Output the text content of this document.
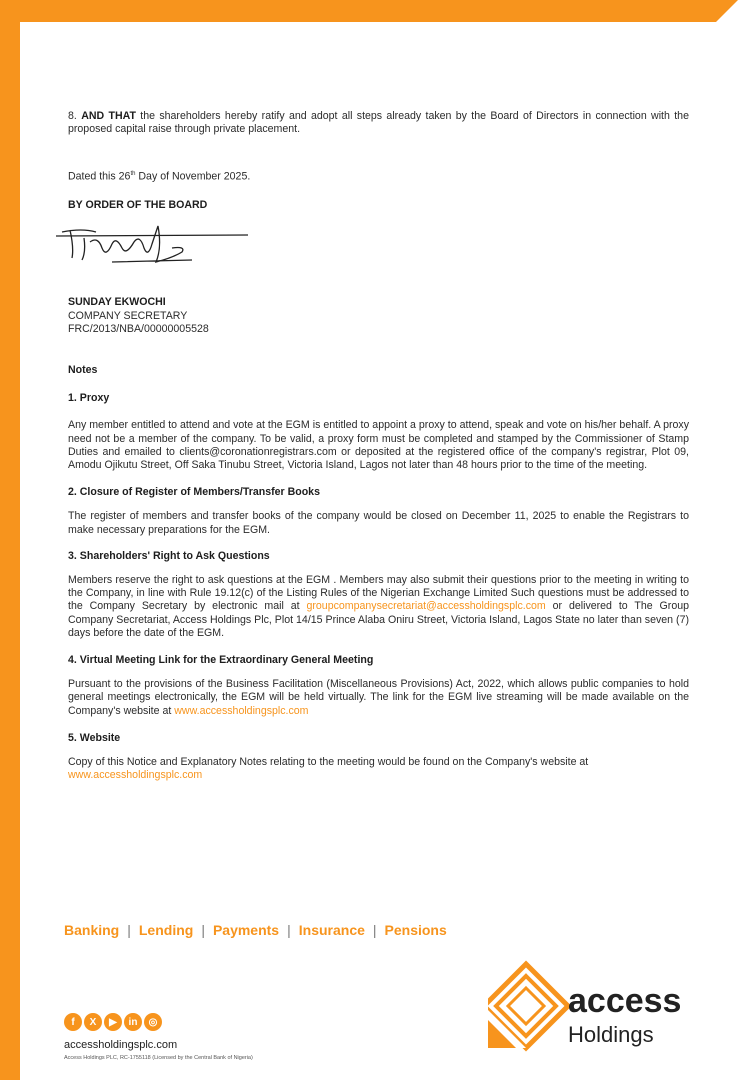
8. AND THAT the shareholders hereby ratify and adopt all steps already taken by the Board of Directors in connection with the proposed capital raise through private placement.

Dated this 26th Day of November 2025.

BY ORDER OF THE BOARD

SUNDAY EKWOCHI

COMPANY SECRETARY

FRC/2013/NBA/00000005528

Notes

1. Proxy

Any member entitled to attend and vote at the EGM is entitled to appoint a proxy to attend, speak and vote on his/her behalf. A proxy need not be a member of the company. To be valid, a proxy form must be completed and stamped by the Commissioner of Stamp Duties and emailed to clients@coronationregistrars.com or deposited at the registered office of the company's registrar, Plot 09, Amodu Ojikutu Street, Off Saka Tinubu Street, Victoria Island, Lagos not later than 48 hours prior to the time of the meeting.

2. Closure of Register of Members/Transfer Books

The register of members and transfer books of the company would be closed on December 11, 2025 to enable the Registrars to make necessary preparations for the EGM.

3. Shareholders' Right to Ask Questions

Members reserve the right to ask questions at the EGM . Members may also submit their questions prior to the meeting in writing to the Company, in line with Rule 19.12(c) of the Listing Rules of the Nigerian Exchange Limited Such questions must be addressed to the Company Secretary by electronic mail at groupcompanysecretariat@accessholdingsplc.com or delivered to The Group Company Secretariat, Access Holdings Plc, Plot 14/15 Prince Alaba Oniru Street, Victoria Island, Lagos State no later than seven (7) days before the date of the EGM.

4. Virtual Meeting Link for the Extraordinary General Meeting

Pursuant to the provisions of the Business Facilitation (Miscellaneous Provisions) Act, 2022, which allows public companies to hold general meetings electronically, the EGM will be held virtually. The link for the EGM live streaming will be made available on the Company's website at www.accessholdingsplc.com

5. Website

Copy of this Notice and Explanatory Notes relating to the meeting would be found on the Company's website at
www.accessholdingsplc.com

Banking | Lending | Payments | Insurance | Pensions
f	X	▶	in	◎
accessholdingsplc.com
Access Holdings PLC, RC-1755118 (Licensed by the Central Bank of Nigeria)
access
Holdings
